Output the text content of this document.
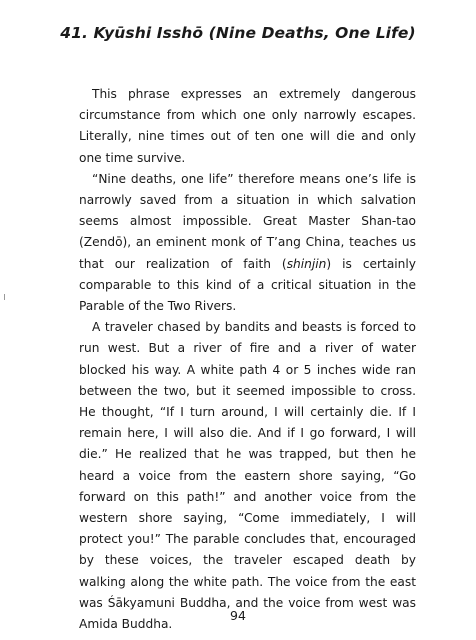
41. Kyūshi Isshō (Nine Deaths, One Life)

This phrase expresses an extremely dangerous circumstance from which one only narrowly escapes. Literally, nine times out of ten one will die and only one time survive.

“Nine deaths, one life” therefore means one’s life is narrowly saved from a situation in which salvation seems almost impossible. Great Master Shan-tao (Zendō), an eminent monk of T’ang China, teaches us that our realization of faith (shinjin) is certainly comparable to this kind of a critical situation in the Parable of the Two Rivers.

A traveler chased by bandits and beasts is forced to run west. But a river of fire and a river of water blocked his way. A white path 4 or 5 inches wide ran between the two, but it seemed impossible to cross. He thought, “If I turn around, I will certainly die. If I remain here, I will also die. And if I go forward, I will die.” He realized that he was trapped, but then he heard a voice from the eastern shore saying, “Go forward on this path!” and another voice from the western shore saying, “Come immediately, I will protect you!” The parable concludes that, encouraged by these voices, the traveler escaped death by walking along the white path. The voice from the east was Śākyamuni Buddha, and the voice from west was Amida Buddha.

94
